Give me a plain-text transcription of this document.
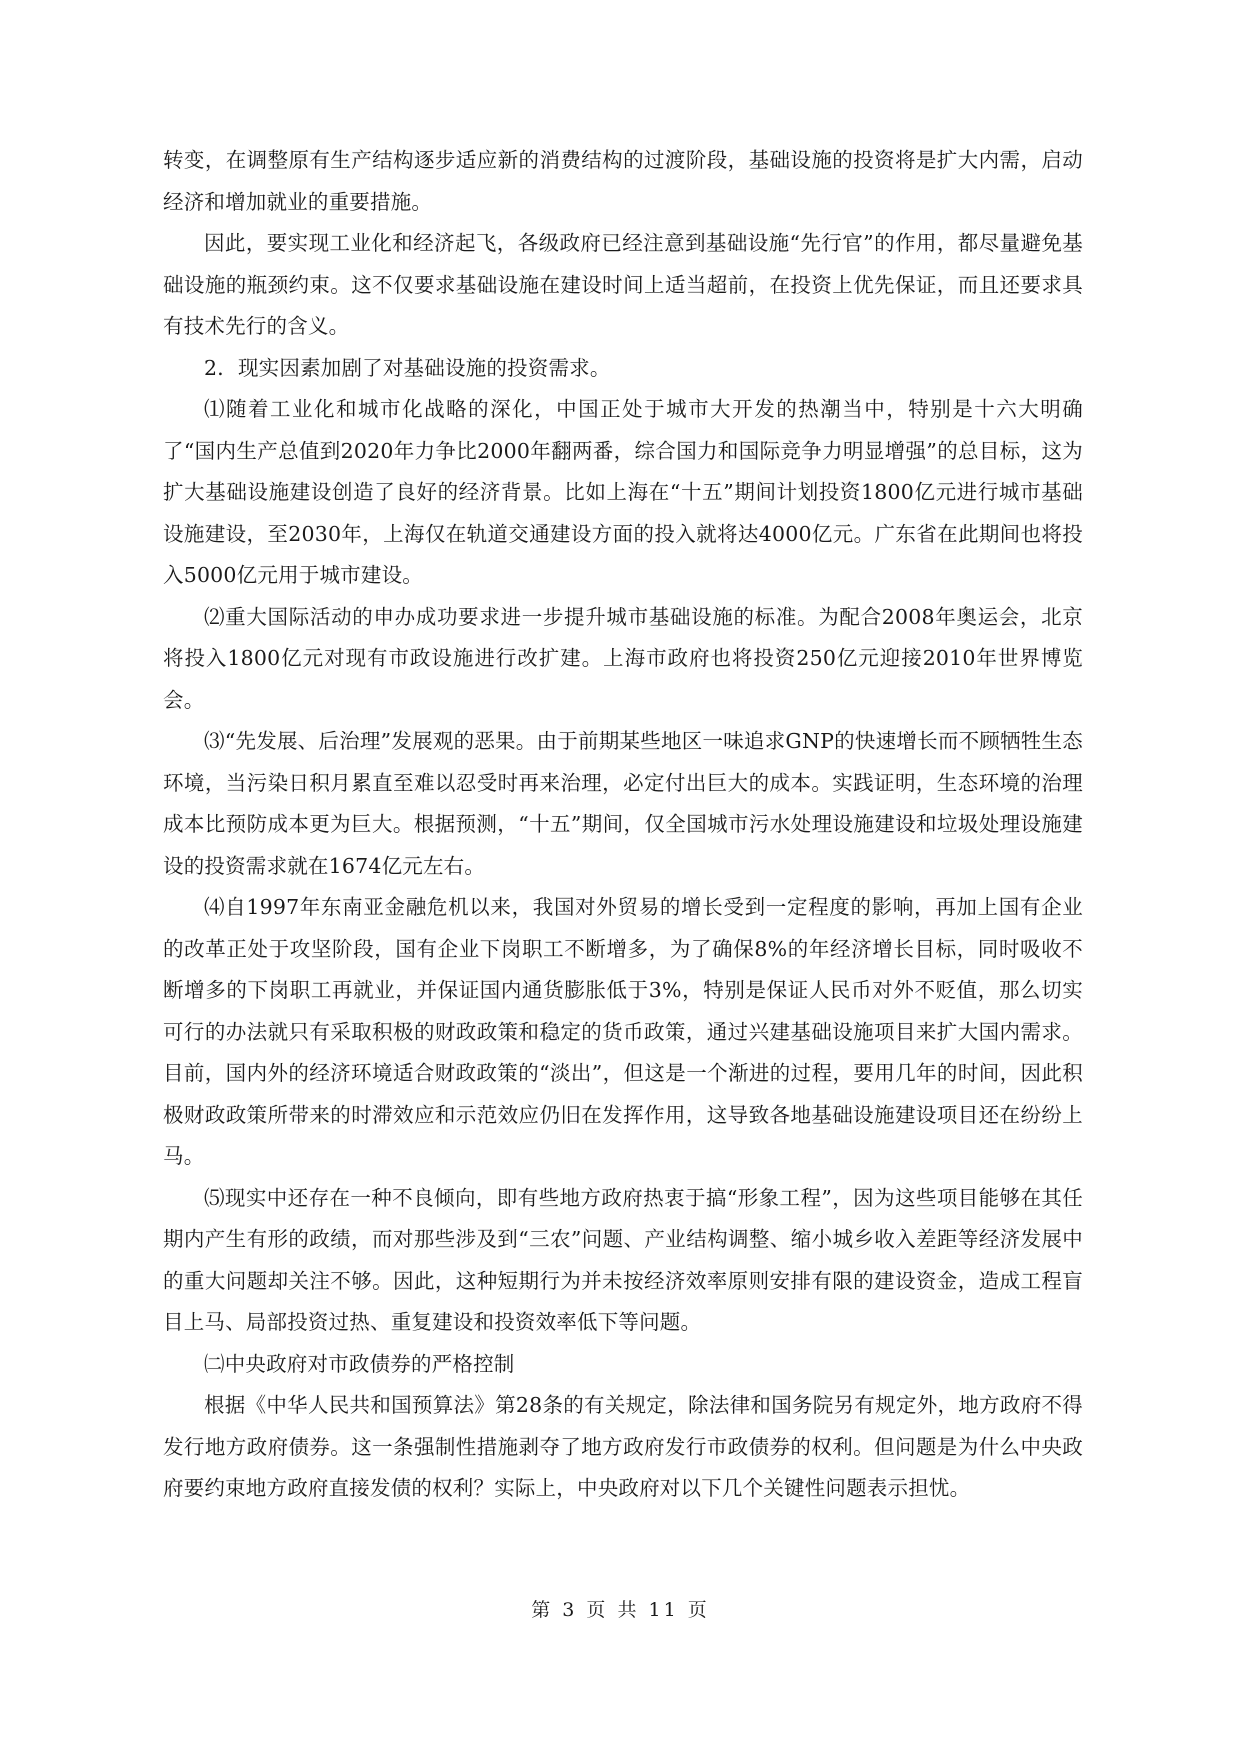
转变，在调整原有生产结构逐步适应新的消费结构的过渡阶段，基础设施的投资将是扩大内需，启动经济和增加就业的重要措施。

因此，要实现工业化和经济起飞，各级政府已经注意到基础设施“先行官”的作用，都尽量避免基础设施的瓶颈约束。这不仅要求基础设施在建设时间上适当超前，在投资上优先保证，而且还要求具有技术先行的含义。

2．现实因素加剧了对基础设施的投资需求。

⑴随着工业化和城市化战略的深化，中国正处于城市大开发的热潮当中，特别是十六大明确了“国内生产总值到2020年力争比2000年翻两番，综合国力和国际竞争力明显增强”的总目标，这为扩大基础设施建设创造了良好的经济背景。比如上海在“十五”期间计划投资1800亿元进行城市基础设施建设，至2030年，上海仅在轨道交通建设方面的投入就将达4000亿元。广东省在此期间也将投入5000亿元用于城市建设。

⑵重大国际活动的申办成功要求进一步提升城市基础设施的标准。为配合2008年奥运会，北京将投入1800亿元对现有市政设施进行改扩建。上海市政府也将投资250亿元迎接2010年世界博览会。

⑶“先发展、后治理”发展观的恶果。由于前期某些地区一味追求GNP的快速增长而不顾牺牲生态环境，当污染日积月累直至难以忍受时再来治理，必定付出巨大的成本。实践证明，生态环境的治理成本比预防成本更为巨大。根据预测，“十五”期间，仅全国城市污水处理设施建设和垃圾处理设施建设的投资需求就在1674亿元左右。

⑷自1997年东南亚金融危机以来，我国对外贸易的增长受到一定程度的影响，再加上国有企业的改革正处于攻坚阶段，国有企业下岗职工不断增多，为了确保8%的年经济增长目标，同时吸收不断增多的下岗职工再就业，并保证国内通货膨胀低于3%，特别是保证人民币对外不贬值，那么切实可行的办法就只有采取积极的财政政策和稳定的货币政策，通过兴建基础设施项目来扩大国内需求。目前，国内外的经济环境适合财政政策的“淡出”，但这是一个渐进的过程，要用几年的时间，因此积极财政政策所带来的时滞效应和示范效应仍旧在发挥作用，这导致各地基础设施建设项目还在纷纷上马。

⑸现实中还存在一种不良倾向，即有些地方政府热衷于搞“形象工程”，因为这些项目能够在其任期内产生有形的政绩，而对那些涉及到“三农”问题、产业结构调整、缩小城乡收入差距等经济发展中的重大问题却关注不够。因此，这种短期行为并未按经济效率原则安排有限的建设资金，造成工程盲目上马、局部投资过热、重复建设和投资效率低下等问题。

㈡中央政府对市政债券的严格控制

根据《中华人民共和国预算法》第28条的有关规定，除法律和国务院另有规定外，地方政府不得发行地方政府债券。这一条强制性措施剥夺了地方政府发行市政债券的权利。但问题是为什么中央政府要约束地方政府直接发债的权利？实际上，中央政府对以下几个关键性问题表示担忧。

第 3 页 共 11 页
